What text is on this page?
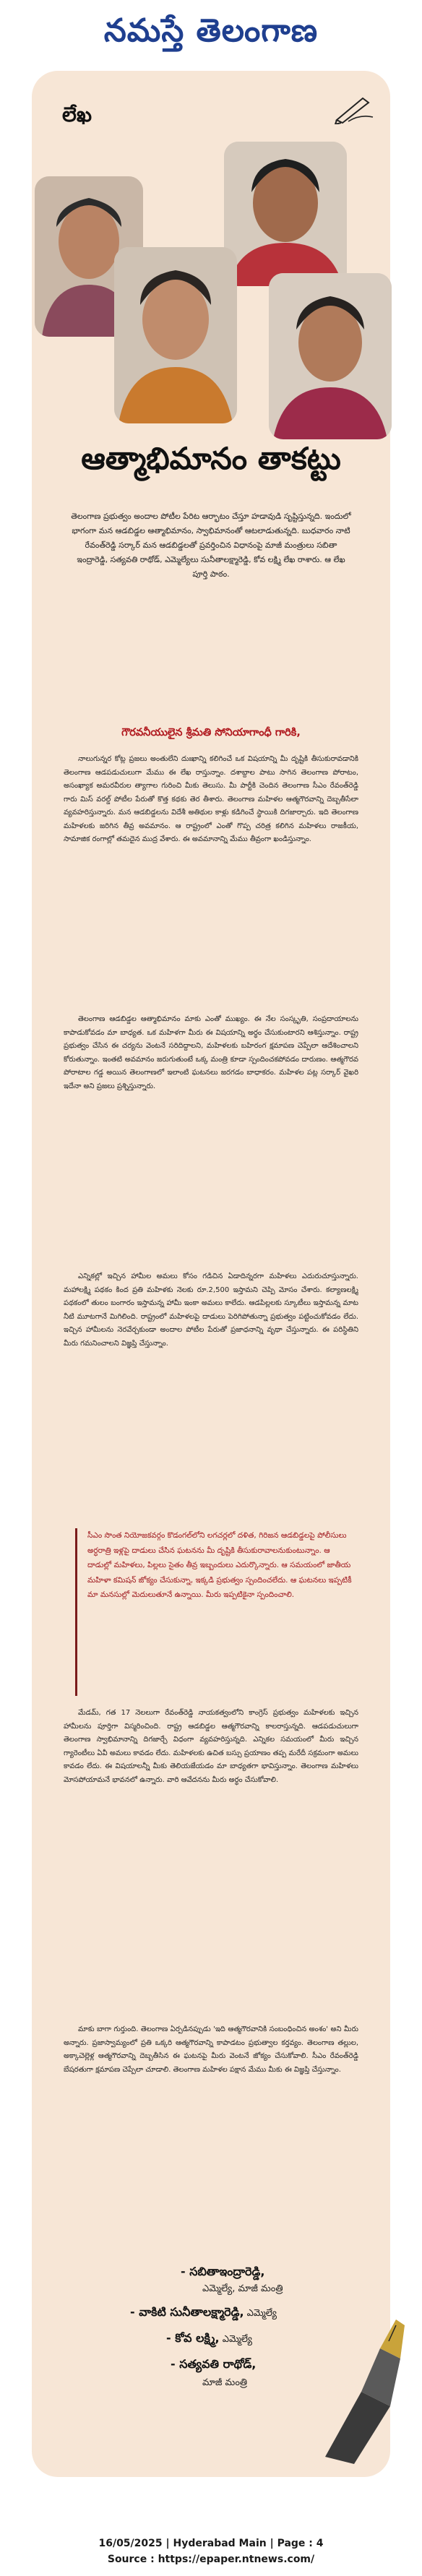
నమస్తే తెలంగాణ
లేఖ
ఆత్మాభిమానం తాకట్టు
తెలంగాణ ప్రభుత్వం అందాల పోటీల పేరిట ఆర్భాటం చేస్తూ హడావుడి సృష్టిస్తున్నది. ఇందులో భాగంగా మన ఆడబిడ్డల ఆత్మాభిమానం, స్వాభిమానంతో ఆటలాడుతున్నది. బుధవారం నాటి రేవంత్‌రెడ్డి సర్కార్ మన ఆడబిడ్డలతో ప్రవర్తించిన విధానంపై మాజీ మంత్రులు సబితా ఇంద్రారెడ్డి, సత్యవతి రాథోడ్, ఎమ్మెల్యేలు సునీతాలక్ష్మారెడ్డి, కోవ లక్ష్మి లేఖ రాశారు. ఆ లేఖ పూర్తి పాఠం.
గౌరవనీయులైన శ్రీమతి సోనియాగాంధీ గారికి,
నాలుగున్నర కోట్ల ప్రజలు అంతులేని దుఃఖాన్ని కలిగించే ఒక విషయాన్ని మీ దృష్టికి తీసుకురావడానికి తెలంగాణ ఆడపడుచులుగా మేము ఈ లేఖ రాస్తున్నాం. దశాబ్దాల పాటు సాగిన తెలంగాణ పోరాటం, అసంఖ్యాక అమరవీరుల త్యాగాల గురించి మీకు తెలుసు. మీ పార్టీకి చెందిన తెలంగాణ సీఎం రేవంత్‌రెడ్డి గారు మిస్ వరల్డ్ పోటీల పేరుతో కొత్త కథకు తెర తీశారు. తెలంగాణ మహిళల ఆత్మగౌరవాన్ని దెబ్బతీసేలా వ్యవహరిస్తున్నారు. మన ఆడబిడ్డలను విదేశీ అతిథుల కాళ్లు కడిగించే స్థాయికి దిగజార్చారు. ఇది తెలంగాణ మహిళలకు జరిగిన తీవ్ర అవమానం. ఆ రాష్ట్రంలో ఎంతో గొప్ప చరిత్ర కలిగిన మహిళలు రాజకీయ, సామాజిక రంగాల్లో తమదైన ముద్ర వేశారు. ఈ అవమానాన్ని మేము తీవ్రంగా ఖండిస్తున్నాం.
తెలంగాణ ఆడబిడ్డల ఆత్మాభిమానం మాకు ఎంతో ముఖ్యం. ఈ నేల సంస్కృతి, సంప్రదాయాలను కాపాడుకోవడం మా బాధ్యత. ఒక మహిళగా మీరు ఈ విషయాన్ని అర్థం చేసుకుంటారని ఆశిస్తున్నాం. రాష్ట్ర ప్రభుత్వం చేసిన ఈ చర్యను వెంటనే సరిదిద్దాలని, మహిళలకు బహిరంగ క్షమాపణ చెప్పేలా ఆదేశించాలని కోరుతున్నాం. ఇంతటి అవమానం జరుగుతుంటే ఒక్క మంత్రి కూడా స్పందించకపోవడం దారుణం. ఆత్మగౌరవ పోరాటాల గడ్డ అయిన తెలంగాణలో ఇలాంటి ఘటనలు జరగడం బాధాకరం. మహిళల పట్ల సర్కార్ వైఖరి ఇదేనా అని ప్రజలు ప్రశ్నిస్తున్నారు.
ఎన్నికల్లో ఇచ్చిన హామీల అమలు కోసం గడిచిన ఏడాదిన్నరగా మహిళలు ఎదురుచూస్తున్నారు. మహాలక్ష్మి పథకం కింద ప్రతి మహిళకు నెలకు రూ.2,500 ఇస్తామని చెప్పి మోసం చేశారు. కల్యాణలక్ష్మి పథకంలో తులం బంగారం ఇస్తామన్న హామీ ఇంకా అమలు కాలేదు. ఆడపిల్లలకు స్కూటీలు ఇస్తామన్న మాట నీటి మూటగానే మిగిలింది. రాష్ట్రంలో మహిళలపై దాడులు పెరిగిపోతున్నా ప్రభుత్వం పట్టించుకోవడం లేదు. ఇచ్చిన హామీలను నెరవేర్చకుండా అందాల పోటీల పేరుతో ప్రజాధనాన్ని వృథా చేస్తున్నారు. ఈ పరిస్థితిని మీరు గమనించాలని విజ్ఞప్తి చేస్తున్నాం.
సీఎం సొంత నియోజకవర్గం కొడంగల్‌లోని లగచర్లలో దళిత, గిరిజన ఆడబిడ్డలపై పోలీసులు అర్ధరాత్రి ఇళ్లపై దాడులు చేసిన ఘటనను మీ దృష్టికి తీసుకురావాలనుకుంటున్నాం. ఆ దాడుల్లో మహిళలు, పిల్లలు సైతం తీవ్ర ఇబ్బందులు ఎదుర్కొన్నారు. ఆ సమయంలో జాతీయ మహిళా కమిషన్ జోక్యం చేసుకున్నా, ఇక్కడి ప్రభుత్వం స్పందించలేదు. ఆ ఘటనలు ఇప్పటికీ మా మనసుల్లో మెదులుతూనే ఉన్నాయి. మీరు ఇప్పటికైనా స్పందించాలి.
మేడమ్, గత 17 నెలలుగా రేవంత్‌రెడ్డి నాయకత్వంలోని కాంగ్రెస్ ప్రభుత్వం మహిళలకు ఇచ్చిన హామీలను పూర్తిగా విస్మరించింది. రాష్ట్ర ఆడబిడ్డల ఆత్మగౌరవాన్ని కాలరాస్తున్నది. ఆడపడుచులుగా తెలంగాణ స్వాభిమానాన్ని దిగజార్చే విధంగా వ్యవహరిస్తున్నది. ఎన్నికల సమయంలో మీరు ఇచ్చిన గ్యారెంటీలు ఏవీ అమలు కావడం లేదు. మహిళలకు ఉచిత బస్సు ప్రయాణం తప్ప మరేదీ సక్రమంగా అమలు కావడం లేదు. ఈ విషయాలన్నీ మీకు తెలియజేయడం మా బాధ్యతగా భావిస్తున్నాం. తెలంగాణ మహిళలు మోసపోయామనే భావనలో ఉన్నారు. వారి ఆవేదనను మీరు అర్థం చేసుకోవాలి.
మాకు బాగా గుర్తుంది. తెలంగాణ ఏర్పడినప్పుడు 'ఇది ఆత్మగౌరవానికి సంబంధించిన అంశం' అని మీరు అన్నారు. ప్రజాస్వామ్యంలో ప్రతి ఒక్కరి ఆత్మగౌరవాన్ని కాపాడటం ప్రభుత్వాల కర్తవ్యం. తెలంగాణ తల్లుల, అక్కాచెల్లెళ్ల ఆత్మగౌరవాన్ని దెబ్బతీసిన ఈ ఘటనపై మీరు వెంటనే జోక్యం చేసుకోవాలి. సీఎం రేవంత్‌రెడ్డి బేషరతుగా క్షమాపణ చెప్పేలా చూడాలి. తెలంగాణ మహిళల పక్షాన మేము మీకు ఈ విజ్ఞప్తి చేస్తున్నాం.
- సబితాఇంద్రారెడ్డి,
ఎమ్మెల్యే, మాజీ మంత్రి
- వాకిటి సునీతాలక్ష్మారెడ్డి, ఎమ్మెల్యే
- కోవ లక్ష్మి, ఎమ్మెల్యే
- సత్యవతి రాథోడ్,
మాజీ మంత్రి
16/05/2025 | Hyderabad Main | Page : 4
Source : https://epaper.ntnews.com/
